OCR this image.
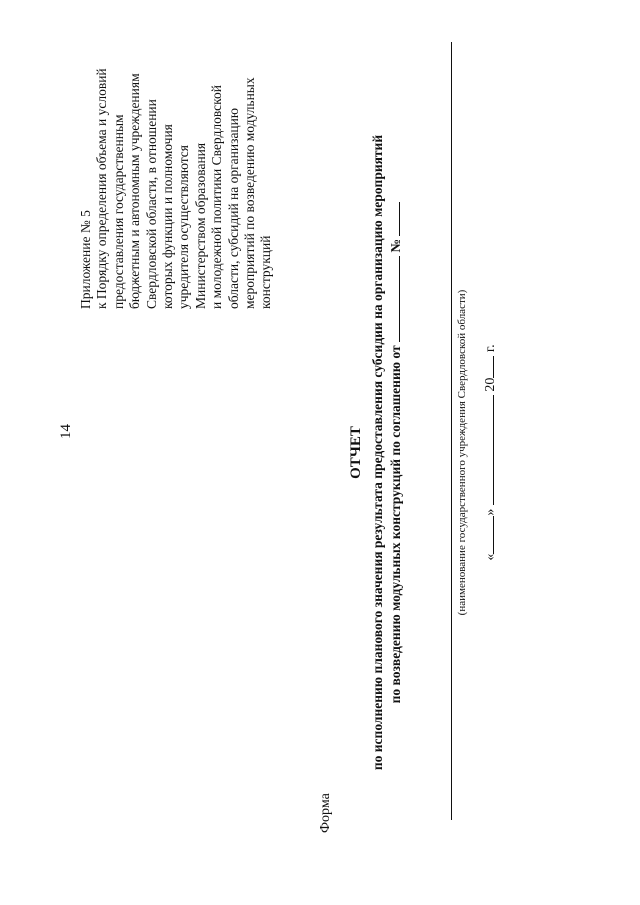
14
Приложение № 5 к Порядку определения объема и условий предоставления государственным бюджетным и автономным учреждениям Свердловской области, в отношении которых функции и полномочия учредителя осуществляются Министерством образования и молодежной политики Свердловской области, субсидий на организацию мероприятий по возведению модульных конструкций
Форма
ОТЧЕТ по исполнению планового значения результата предоставления субсидии на организацию мероприятий по возведению модульных конструкций по соглашению от  №
(наименование государственного учреждения Свердловской области) «»  20 г.
